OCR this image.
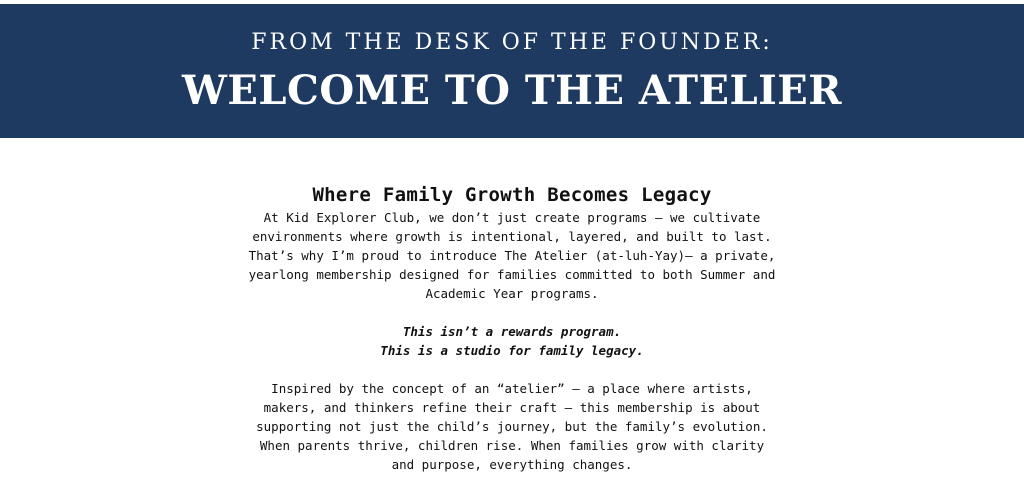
FROM THE DESK OF THE FOUNDER:
WELCOME TO THE ATELIER
Where Family Growth Becomes Legacy

At Kid Explorer Club, we don’t just create programs — we cultivate

environments where growth is intentional, layered, and built to last.

That’s why I’m proud to introduce The Atelier (at-luh-Yay)– a private,

yearlong membership designed for families committed to both Summer and

Academic Year programs.

This isn’t a rewards program.

This is a studio for family legacy.

Inspired by the concept of an “atelier” — a place where artists,

makers, and thinkers refine their craft — this membership is about

supporting not just the child’s journey, but the family’s evolution.

When parents thrive, children rise. When families grow with clarity

and purpose, everything changes.
